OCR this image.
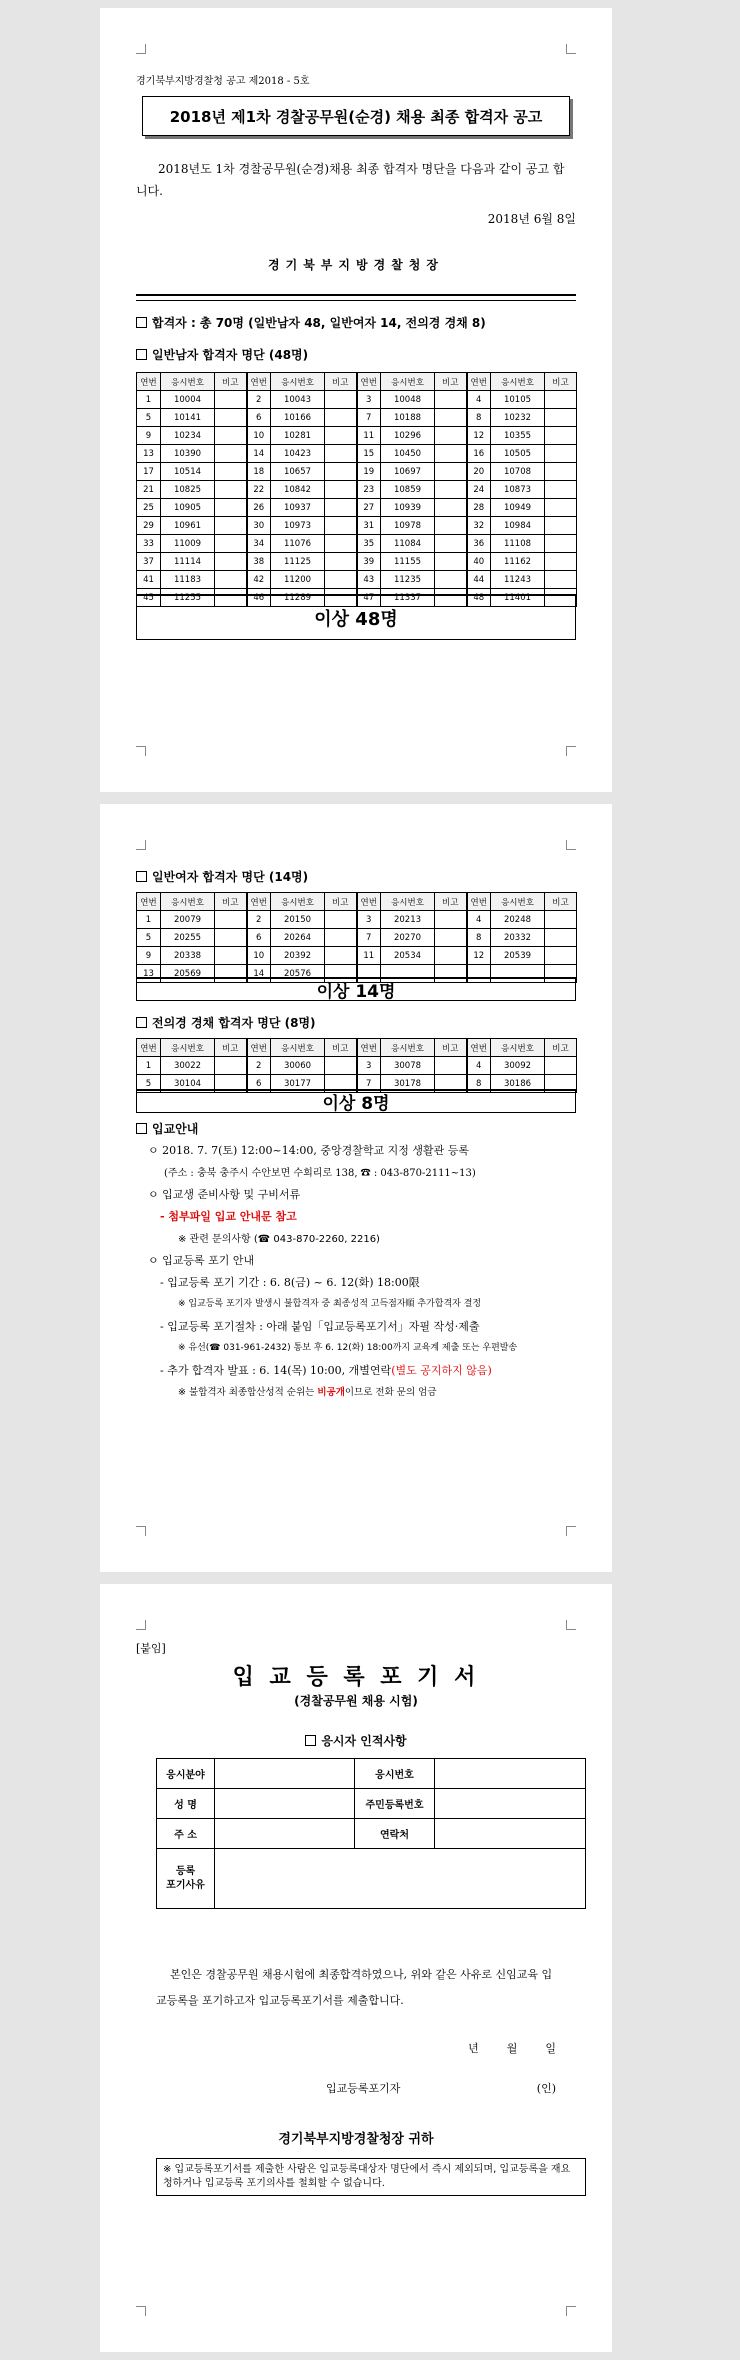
경기북부지방경찰청 공고 제2018 - 5호
2018년 제1차 경찰공무원(순경) 채용 최종 합격자 공고
2018년도 1차 경찰공무원(순경)채용 최종 합격자 명단을 다음과 같이 공고 합니다.
2018년 6월 8일
경기북부지방경찰청장
합격자 : 총 70명 (일반남자 48, 일반여자 14, 전의경 경채 8)
일반남자 합격자 명단 (48명)
연번	응시번호	비고	연번	응시번호	비고	연번	응시번호	비고	연번	응시번호	비고
1	10004		2	10043		3	10048		4	10105	
5	10141		6	10166		7	10188		8	10232	
9	10234		10	10281		11	10296		12	10355	
13	10390		14	10423		15	10450		16	10505	
17	10514		18	10657		19	10697		20	10708	
21	10825		22	10842		23	10859		24	10873	
25	10905		26	10937		27	10939		28	10949	
29	10961		30	10973		31	10978		32	10984	
33	11009		34	11076		35	11084		36	11108	
37	11114		38	11125		39	11155		40	11162	
41	11183		42	11200		43	11235		44	11243	
45	11255		46	11289		47	11337		48	11401	
이상 48명
일반여자 합격자 명단 (14명)
연번	응시번호	비고	연번	응시번호	비고	연번	응시번호	비고	연번	응시번호	비고
1	20079		2	20150		3	20213		4	20248	
5	20255		6	20264		7	20270		8	20332	
9	20338		10	20392		11	20534		12	20539	
13	20569		14	20576							
이상 14명
전의경 경채 합격자 명단 (8명)
연번	응시번호	비고	연번	응시번호	비고	연번	응시번호	비고	연번	응시번호	비고
1	30022		2	30060		3	30078		4	30092	
5	30104		6	30177		7	30178		8	30186	
이상 8명
입교안내
ㅇ 2018. 7. 7(토) 12:00~14:00, 중앙경찰학교 지정 생활관 등록
(주소 : 충북 충주시 수안보면 수회리로 138, ☎ : 043-870-2111~13)
ㅇ 입교생 준비사항 및 구비서류
- 첨부파일 입교 안내문 참고
※ 관련 문의사항 (☎ 043-870-2260, 2216)
ㅇ 입교등록 포기 안내
- 입교등록 포기 기간 : 6. 8(금) ~ 6. 12(화) 18:00限
※ 입교등록 포기자 발생시 불합격자 중 최종성적 고득점자順 추가합격자 결정
- 입교등록 포기절차 : 아래 붙임「입교등록포기서」자필 작성·제출
※ 유선(☎ 031-961-2432) 통보 후 6. 12(화) 18:00까지 교육계 제출 또는 우편발송
- 추가 합격자 발표 : 6. 14(목) 10:00, 개별연락(별도 공지하지 않음)
※ 불합격자 최종합산성적 순위는 비공개이므로 전화 문의 엄금
[붙임]
입 교 등 록 포 기 서
(경찰공무원 채용 시험)
응시자 인적사항
응시분야		응시번호	
성 명		주민등록번호	
주 소		연락처	
등록
포기사유			
본인은 경찰공무원 채용시험에 최종합격하였으나, 위와 같은 사유로 신임교육 입교등록을 포기하고자 입교등록포기서를 제출합니다.
년        월        일
입교등록포기자	(인)
경기북부지방경찰청장 귀하
※ 입교등록포기서를 제출한 사람은 입교등록대상자 명단에서 즉시 제외되며, 입교등록을 재요청하거나 입교등록 포기의사를 철회할 수 없습니다.
